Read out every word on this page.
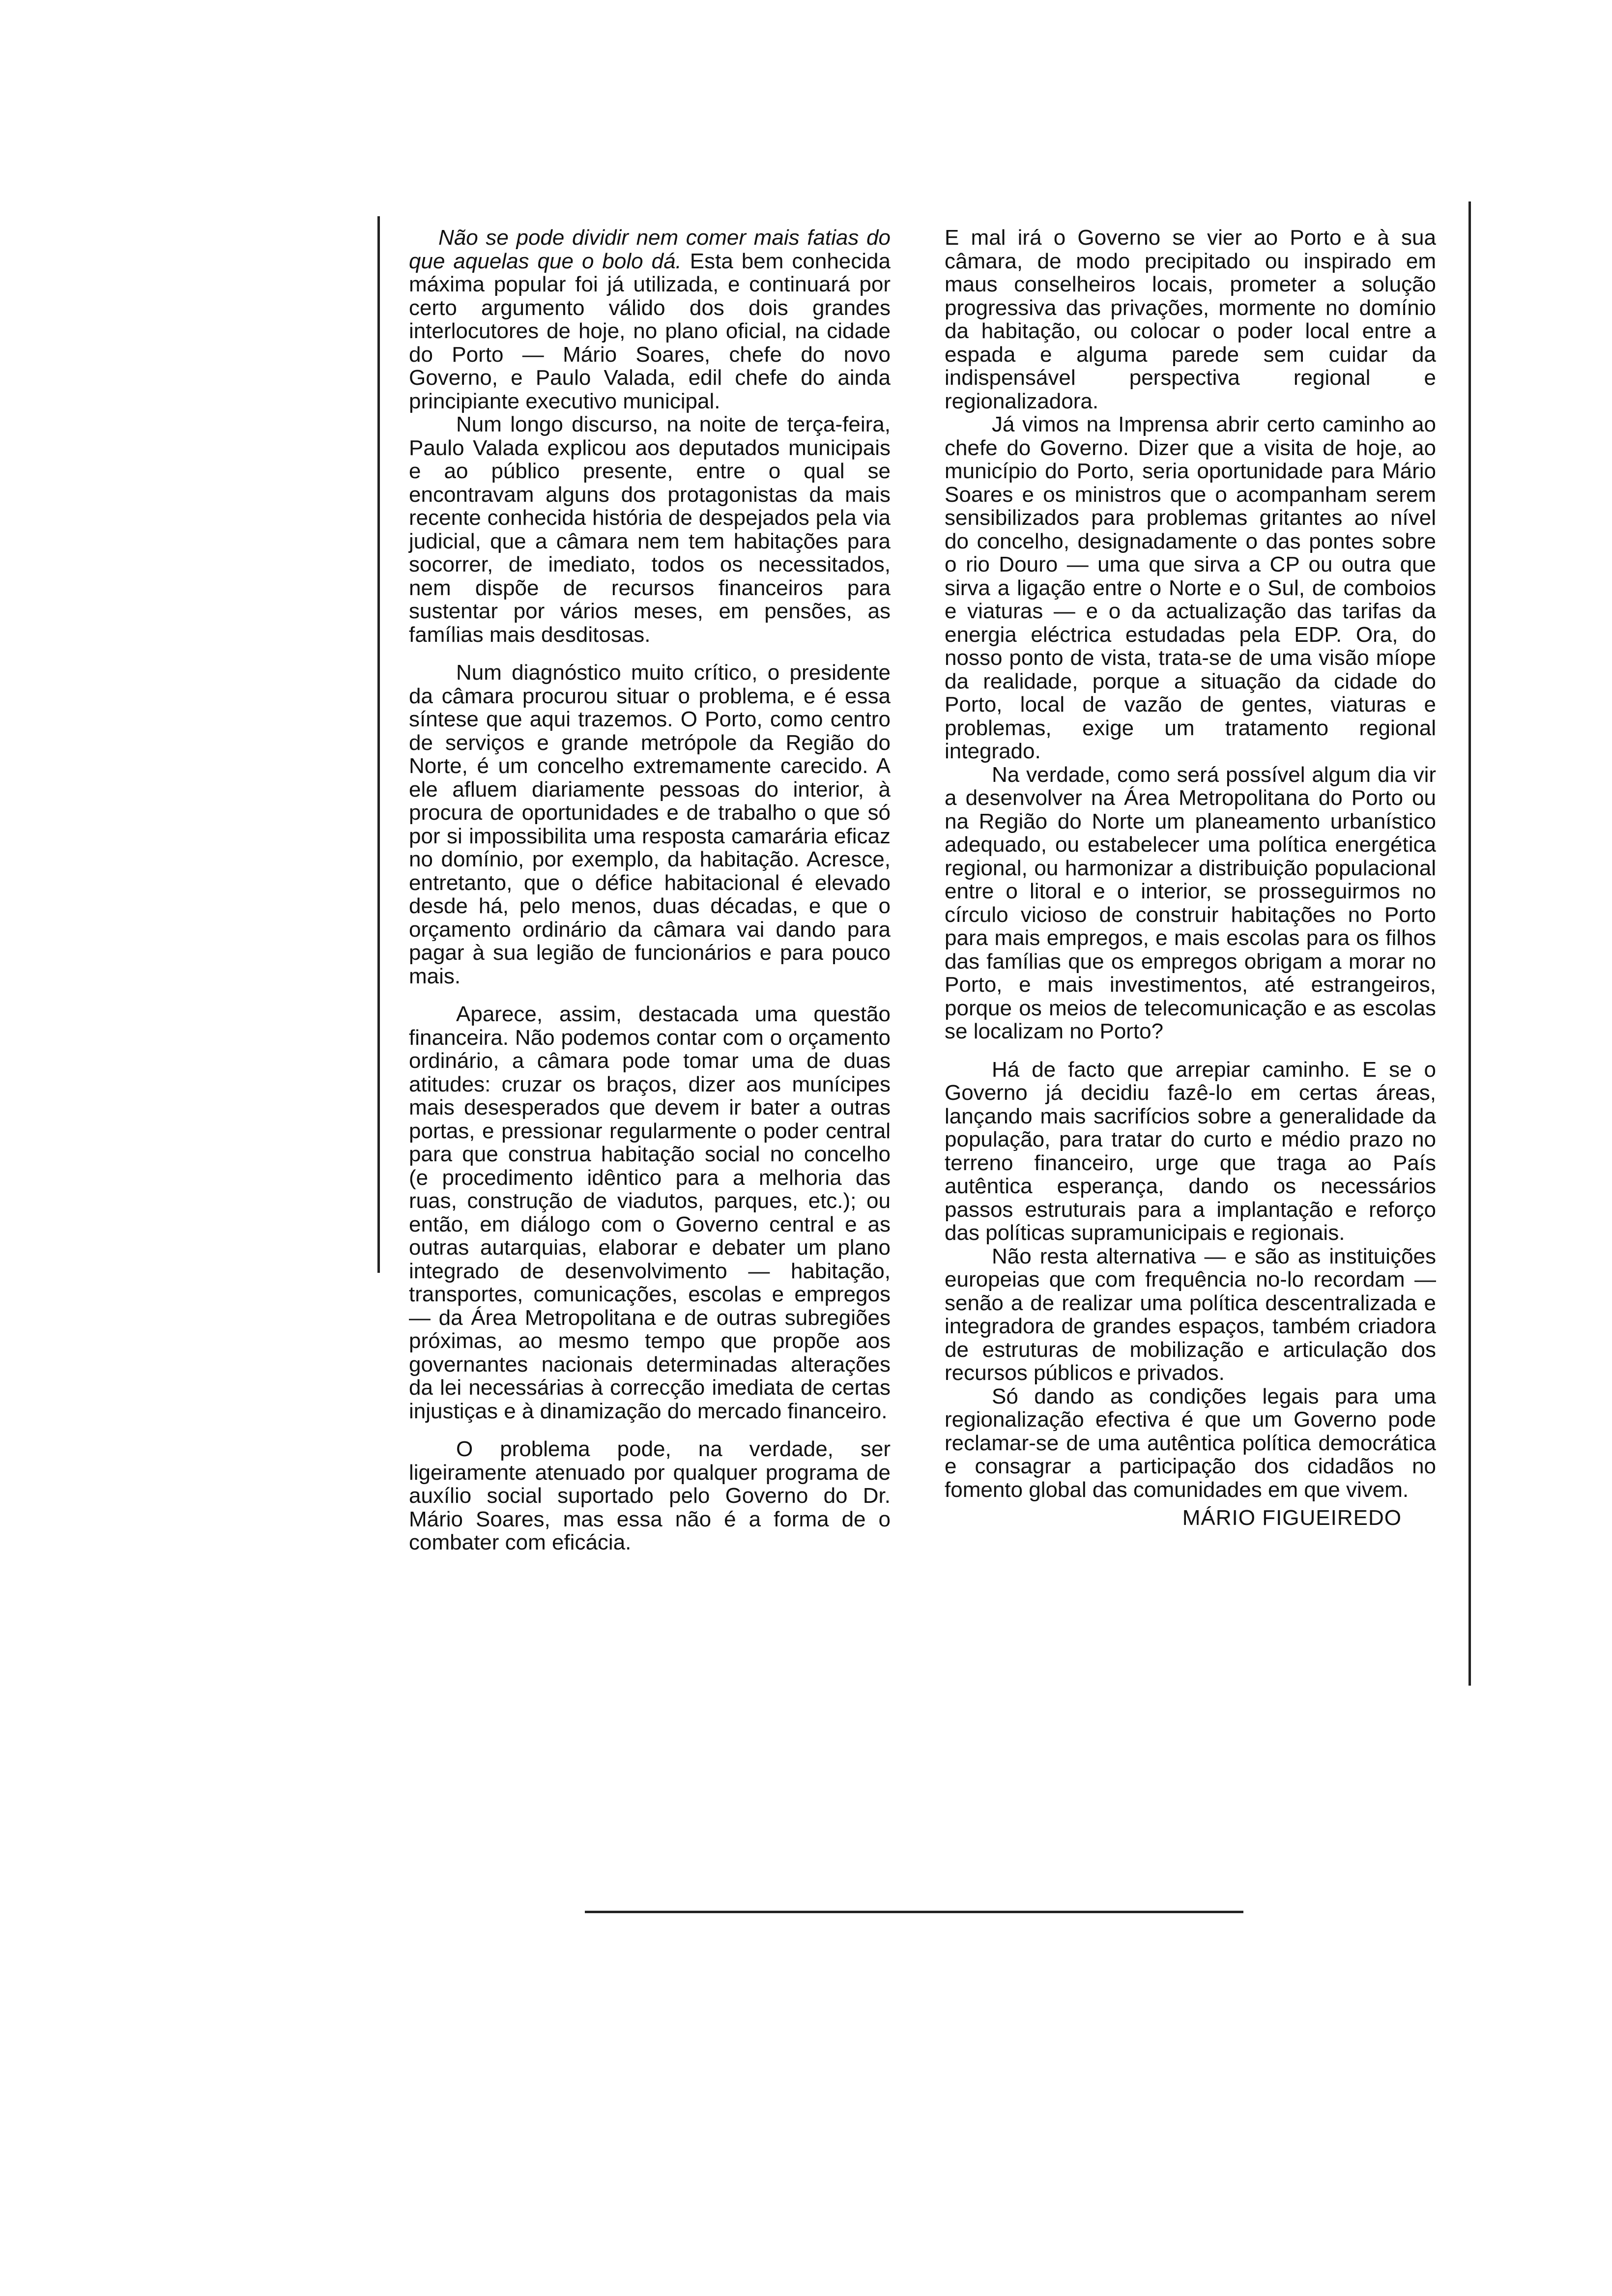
Não se pode dividir nem comer mais fatias do que aquelas que o bolo dá. Esta bem conhecida máxima popular foi já utilizada, e continuará por certo argumento válido dos dois grandes interlocutores de hoje, no plano oficial, na cidade do Porto — Mário Soares, chefe do novo Governo, e Paulo Valada, edil chefe do ainda principiante executivo municipal.

Num longo discurso, na noite de terça-feira, Paulo Valada explicou aos deputados municipais e ao público presente, entre o qual se encontravam alguns dos protagonistas da mais recente conhecida história de despejados pela via judicial, que a câmara nem tem habitações para socorrer, de imediato, todos os necessitados, nem dispõe de recursos financeiros para sustentar por vários meses, em pensões, as famílias mais desditosas.

Num diagnóstico muito crítico, o presidente da câmara procurou situar o problema, e é essa síntese que aqui trazemos. O Porto, como centro de serviços e grande metrópole da Região do Norte, é um concelho extremamente carecido. A ele afluem diariamente pessoas do interior, à procura de oportunidades e de trabalho o que só por si impossibilita uma resposta camarária eficaz no domínio, por exemplo, da habitação. Acresce, entretanto, que o défice habitacional é elevado desde há, pelo menos, duas décadas, e que o orçamento ordinário da câmara vai dando para pagar à sua legião de funcionários e para pouco mais.

Aparece, assim, destacada uma questão financeira. Não podemos contar com o orçamento ordinário, a câmara pode tomar uma de duas atitudes: cruzar os braços, dizer aos munícipes mais desesperados que devem ir bater a outras portas, e pressionar regularmente o poder central para que construa habitação social no concelho (e procedimento idêntico para a melhoria das ruas, construção de viadutos, parques, etc.); ou então, em diálogo com o Governo central e as outras autarquias, elaborar e debater um plano integrado de desenvolvimento — habitação, transportes, comunicações, escolas e empregos — da Área Metropolitana e de outras subregiões próximas, ao mesmo tempo que propõe aos governantes nacionais determinadas alterações da lei necessárias à correcção imediata de certas injustiças e à dinamização do mercado financeiro.

O problema pode, na verdade, ser ligeiramente atenuado por qualquer programa de auxílio social suportado pelo Governo do Dr. Mário Soares, mas essa não é a forma de o combater com eficácia.

E mal irá o Governo se vier ao Porto e à sua câmara, de modo precipitado ou inspirado em maus conselheiros locais, prometer a solução progressiva das privações, mormente no domínio da habitação, ou colocar o poder local entre a espada e alguma parede sem cuidar da indispensável perspectiva regional e regionalizadora.

Já vimos na Imprensa abrir certo caminho ao chefe do Governo. Dizer que a visita de hoje, ao município do Porto, seria oportunidade para Mário Soares e os ministros que o acompanham serem sensibilizados para problemas gritantes ao nível do concelho, designadamente o das pontes sobre o rio Douro — uma que sirva a CP ou outra que sirva a ligação entre o Norte e o Sul, de comboios e viaturas — e o da actualização das tarifas da energia eléctrica estudadas pela EDP. Ora, do nosso ponto de vista, trata-se de uma visão míope da realidade, porque a situação da cidade do Porto, local de vazão de gentes, viaturas e problemas, exige um tratamento regional integrado.

Na verdade, como será possível algum dia vir a desenvolver na Área Metropolitana do Porto ou na Região do Norte um planeamento urbanístico adequado, ou estabelecer uma política energética regional, ou harmonizar a distribuição populacional entre o litoral e o interior, se prosseguirmos no círculo vicioso de construir habitações no Porto para mais empregos, e mais escolas para os filhos das famílias que os empregos obrigam a morar no Porto, e mais investimentos, até estrangeiros, porque os meios de telecomunicação e as escolas se localizam no Porto?

Há de facto que arrepiar caminho. E se o Governo já decidiu fazê-lo em certas áreas, lançando mais sacrifícios sobre a generalidade da população, para tratar do curto e médio prazo no terreno financeiro, urge que traga ao País autêntica esperança, dando os necessários passos estruturais para a implantação e reforço das políticas supramunicipais e regionais.

Não resta alternativa — e são as instituições europeias que com frequência no-lo recordam — senão a de realizar uma política descentralizada e integradora de grandes espaços, também criadora de estruturas de mobilização e articulação dos recursos públicos e privados.

Só dando as condições legais para uma regionalização efectiva é que um Governo pode reclamar-se de uma autêntica política democrática e consagrar a participação dos cidadãos no fomento global das comunidades em que vivem.

MÁRIO FIGUEIREDO
